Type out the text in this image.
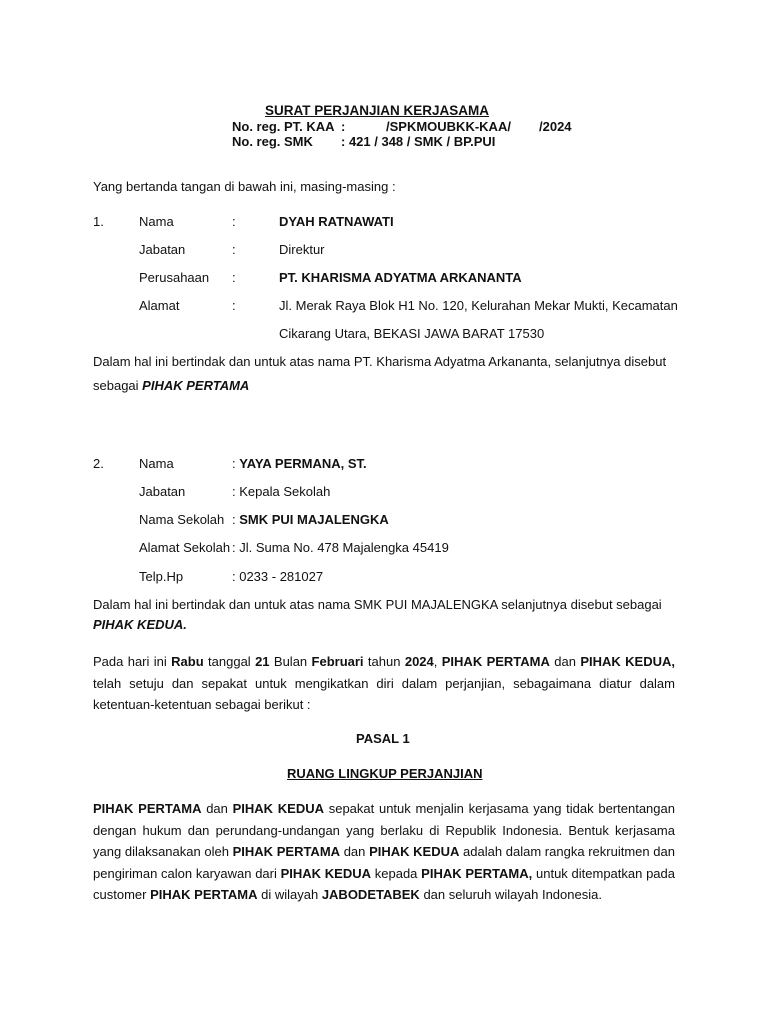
SURAT PERJANJIAN KERJASAMA
No. reg. PT. KAA :	/SPKMOUBKK-KAA/ /2024
No. reg. SMK : 421 / 348 / SMK / BP.PUI
Yang bertanda tangan di bawah ini, masing-masing :
1.	Nama	:	DYAH RATNAWATI
Jabatan	:	Direktur
Perusahaan :	PT. KHARISMA ADYATMA ARKANANTA
Alamat	:	Jl. Merak Raya Blok H1 No. 120, Kelurahan Mekar Mukti, Kecamatan
Cikarang Utara, BEKASI JAWA BARAT 17530
Dalam hal ini bertindak dan untuk atas nama PT. Kharisma Adyatma Arkananta, selanjutnya disebut
sebagai PIHAK PERTAMA
2.	Nama	: YAYA PERMANA, ST.
Jabatan	: Kepala Sekolah
Nama Sekolah : SMK PUI MAJALENGKA
Alamat Sekolah : Jl. Suma No. 478 Majalengka 45419
Telp.Hp	: 0233 - 281027
Dalam hal ini bertindak dan untuk atas nama SMK PUI MAJALENGKA selanjutnya disebut sebagai
PIHAK KEDUA.
Pada hari ini Rabu tanggal 21 Bulan Februari tahun 2024, PIHAK PERTAMA dan PIHAK KEDUA, telah setuju dan sepakat untuk mengikatkan diri dalam perjanjian, sebagaimana diatur dalam ketentuan-ketentuan sebagai berikut :
PASAL 1
RUANG LINGKUP PERJANJIAN
PIHAK PERTAMA dan PIHAK KEDUA sepakat untuk menjalin kerjasama yang tidak bertentangan dengan hukum dan perundang-undangan yang berlaku di Republik Indonesia. Bentuk kerjasama yang dilaksanakan oleh PIHAK PERTAMA dan PIHAK KEDUA adalah dalam rangka rekruitmen dan pengiriman calon karyawan dari PIHAK KEDUA kepada PIHAK PERTAMA, untuk ditempatkan pada customer PIHAK PERTAMA di wilayah JABODETABEK dan seluruh wilayah Indonesia.
